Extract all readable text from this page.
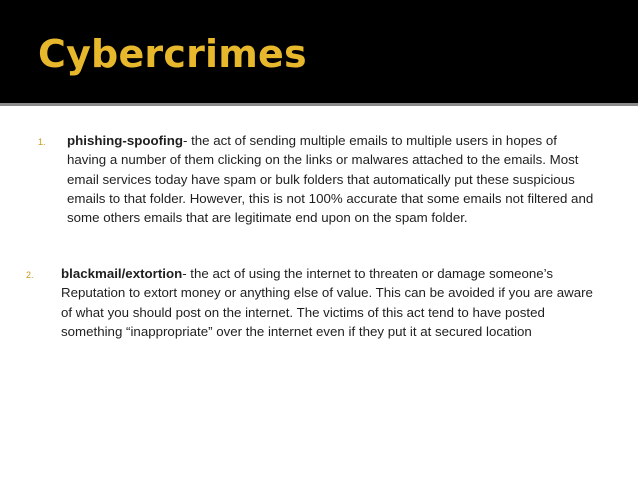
Cybercrimes
1. phishing-spoofing- the act of sending multiple emails to multiple users in hopes of having a number of them clicking on the links or malwares attached to the emails. Most email services today have spam or bulk folders that automatically put these suspicious emails to that folder. However, this is not 100% accurate that some emails not filtered and some others emails that are legitimate end upon on the spam folder.
2. blackmail/extortion- the act of using the internet to threaten or damage someone’s Reputation to extort money or anything else of value. This can be avoided if you are aware of what you should post on the internet. The victims of this act tend to have posted something “inappropriate” over the internet even if they put it at secured location
